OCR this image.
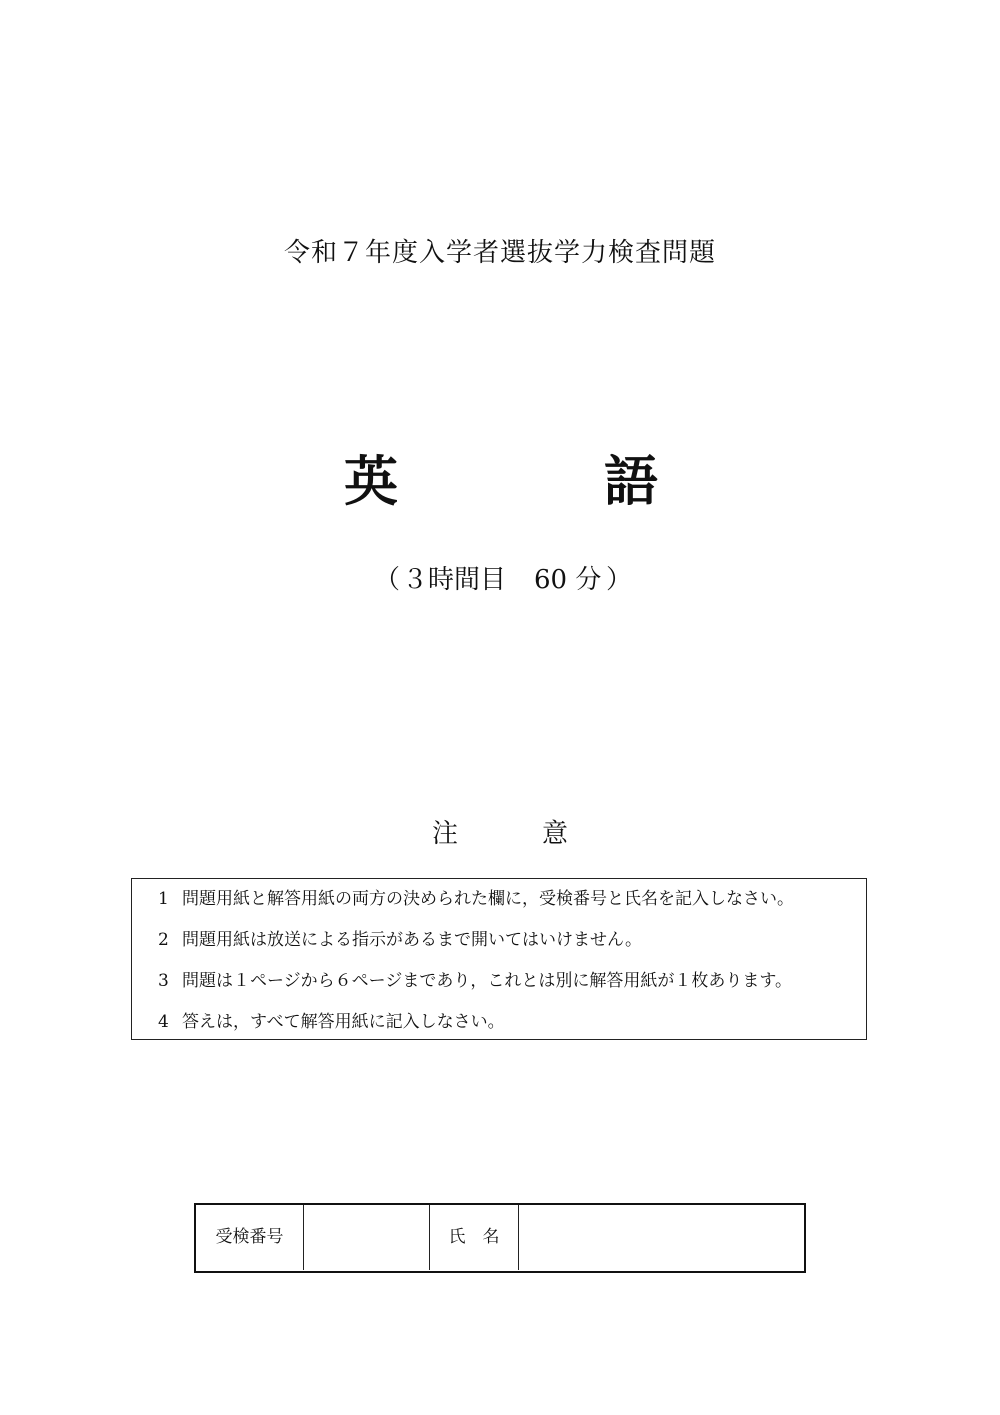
令和７年度入学者選抜学力検査問題
英	語
（ ３時間目 60 分 ）
注	意
1 問題用紙と解答用紙の両方の決められた欄に，受検番号と氏名を記入しなさい。
2 問題用紙は放送による指示があるまで開いてはいけません。
3 問題は１ページから６ページまであり，これとは別に解答用紙が１枚あります。
4 答えは，すべて解答用紙に記入しなさい。
受検番号	氏　名
